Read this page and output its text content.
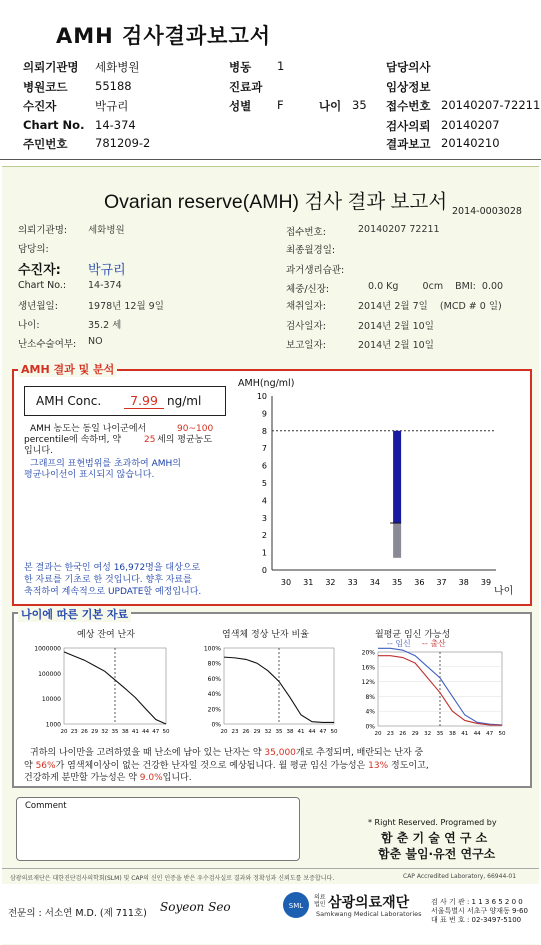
AMH 검사결과보고서
의뢰기관명 세화병원	병동 1	담당의사
병원코드 55188	진료과	임상정보
수진자	박규리	성별 F	나이 35 접수번호 20140207-72211
Chart No. 14-374	검사의뢰 20140207
주민번호 781209-2	결과보고 20140210
Ovarian reserve(AMH) 검사 결과 보고서 2014-0003028
의뢰기관명: 세화병원
담당의:
수진자: 박규리
Chart No.: 14-374
생년월일:	1978년 12월 9일
나이:	35.2 세
난소수술여부: NO
접수번호:	20140207 72211
최종월경일:
과거생리습관:
체중/신장:	0.0 Kg        0cm    BMI:  0.00
채취일자:	2014년 2월 7일    (MCD # 0 일)
검사일자:	2014년 2월 10일
보고일자:	2014년 2월 10일
AMH 결과 및 분석
AMH Conc.	7.99 ng/ml
AMH 농도는 동일 나이군에서	90~100
percentile에 속하며, 약	25 세의 평균농도
입니다.
그래프의 표현범위를 초과하여 AMH의
평균나이선이 표시되지 않습니다.
본 결과는 한국인 여성 16,972명을 대상으로
한 자료를 기초로 한 것입니다. 향후 자료를
축적하여 계속적으로 UPDATE할 예정입니다.
AMH(ng/ml)
나이
0
1
2
3
4
5
6
7
8
9
10
30 31 32 33 34 35 36 37 38 39
나이에 따른 기본 자료
예상 잔여 난자	염색체 정상 난자 비율	월평균 임신 가능성
-- 임신 -- 출산
1000000
100000
10000
1000
20 23 26 29 32 35 38 41 44 47 50
100%
80%
60%
40%
20%
0%
20 23 26 29 32 35 38 41 44 47 50
20%
16%
12%
8%
4%
0%
20 23 26 29 32 35 38 41 44 47 50
귀하의 나이만을 고려하였을 때 난소에 남아 있는 난자는 약 35,000개로 추정되며, 배란되는 난자 중
약 56%가 염색체이상이 없는 건강한 난자일 것으로 예상됩니다. 월 평균 임신 가능성은 13% 정도이고,
건강하게 분만할 가능성은 약 9.0%입니다.
Comment
* Right Reserved. Programed by
함 춘 기 술 연 구 소
함춘 불임·유전 연구소
삼광의료재단은 대한진단검사의학회(SLM) 및 CAP의 신인 인증을 받은 우수검사실로 결과와 정확성과 신뢰도를 보증합니다.	CAP Accredited Laboratory, 66944-01
전문의 : 서소연 M.D. (제 711호) Soyeon Seo	SML
의료 법인 삼광의료재단
Samkwang Medical Laboratories
검 사 기 관 : 1 1 3 6 5 2 0 0
서울특별시 서초구 양재동 9-60
대 표 번 호 : 02-3497-5100
